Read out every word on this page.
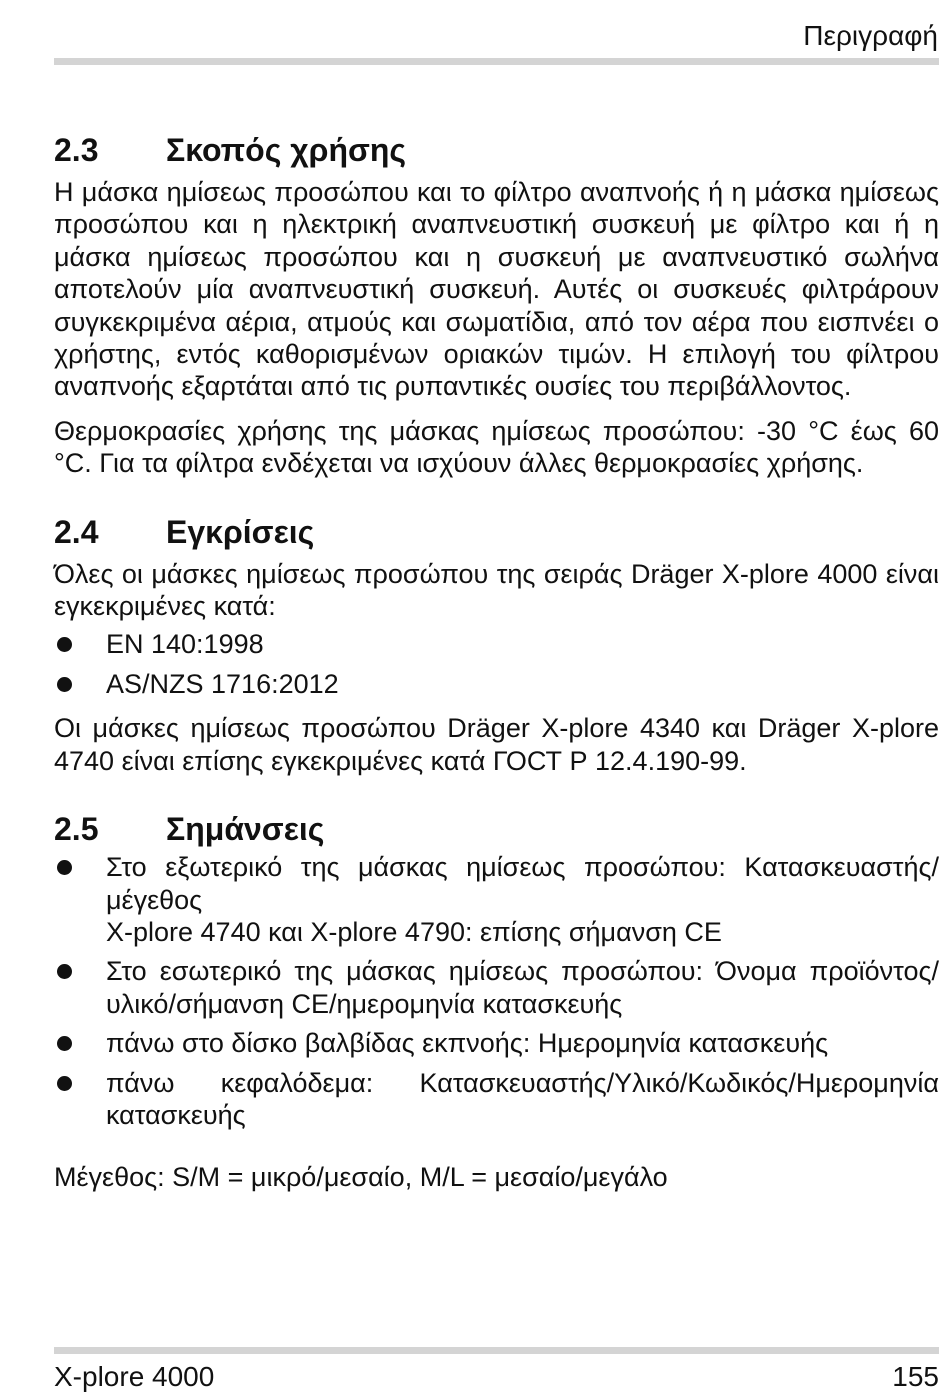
Περιγραφή
2.3	Σκοπός χρήσης

Η μάσκα ημίσεως προσώπου και το φίλτρο αναπνοής ή η μάσκα ημίσεως προσώπου και η ηλεκτρική αναπνευστική συσκευή με φίλτρο και ή η μάσκα ημίσεως προσώπου και η συσκευή με αναπνευστικό σωλήνα αποτελούν μία αναπνευστική συσκευή. Αυτές οι συσκευές φιλτράρουν συγκεκριμένα αέρια, ατμούς και σωματίδια, από τον αέρα που εισπνέει ο χρήστης, εντός καθορισμένων οριακών τιμών. Η επιλογή του φίλτρου αναπνοής εξαρτάται από τις ρυπαντικές ουσίες του περιβάλλοντος.

Θερμοκρασίες χρήσης της μάσκας ημίσεως προσώπου: -30 °C έως 60 °C. Για τα φίλτρα ενδέχεται να ισχύουν άλλες θερμοκρασίες χρήσης.

2.4	Εγκρίσεις

Όλες οι μάσκες ημίσεως προσώπου της σειράς Dräger X-plore 4000 είναι εγκεκριμένες κατά:

EN 140:1998
AS/NZS 1716:2012

Οι μάσκες ημίσεως προσώπου Dräger X-plore 4340 και Dräger X-plore 4740 είναι επίσης εγκεκριμένες κατά ГОСТ Р 12.4.190-99.

2.5	Σημάνσεις
Στο εξωτερικό της μάσκας ημίσεως προσώπου: Κατασκευαστής/ μέγεθος
X-plore 4740 και X-plore 4790: επίσης σήμανση CE
Στο εσωτερικό της μάσκας ημίσεως προσώπου: Όνομα προϊόντος/υλικό/σήμανση CE/ημερομηνία κατασκευής
πάνω στο δίσκο βαλβίδας εκπνοής: Ημερομηνία κατασκευής
πάνω κεφαλόδεμα: Κατασκευαστής/Υλικό/Κωδικός/Ημερομηνία κατασκευής

Μέγεθος: S/M = μικρό/μεσαίο, M/L = μεσαίο/μεγάλο

X-plore 4000	155
